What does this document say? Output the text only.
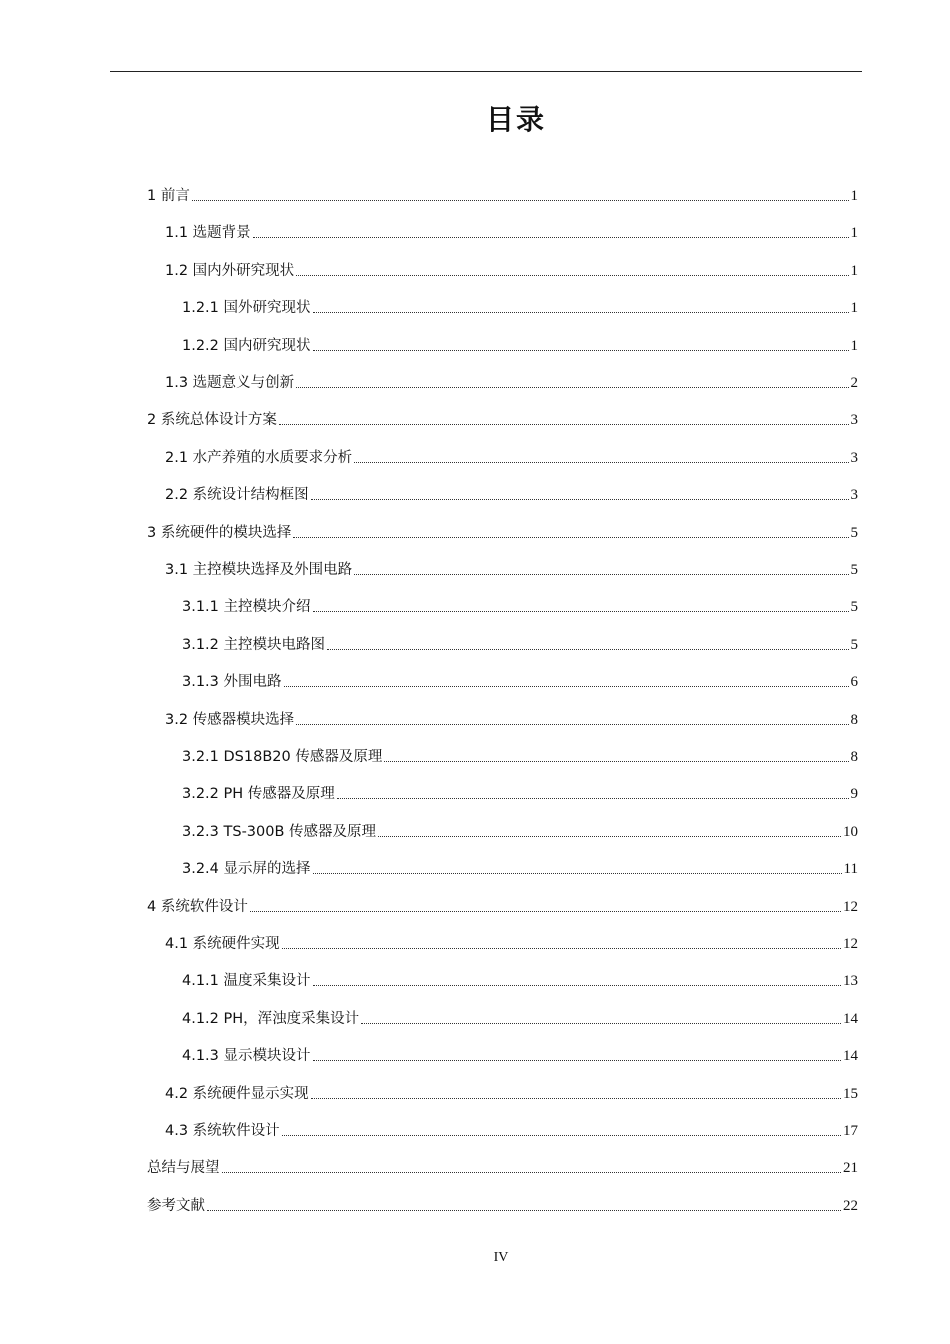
目录
1 前言	1
1.1 选题背景	1
1.2 国内外研究现状	1
1.2.1 国外研究现状	1
1.2.2 国内研究现状	1
1.3 选题意义与创新	2
2 系统总体设计方案	3
2.1 水产养殖的水质要求分析	3
2.2 系统设计结构框图	3
3 系统硬件的模块选择	5
3.1 主控模块选择及外围电路	5
3.1.1 主控模块介绍	5
3.1.2 主控模块电路图	5
3.1.3 外围电路	6
3.2 传感器模块选择	8
3.2.1 DS18B20 传感器及原理	8
3.2.2 PH 传感器及原理	9
3.2.3 TS-300B 传感器及原理	10
3.2.4 显示屏的选择	11
4 系统软件设计	12
4.1 系统硬件实现	12
4.1.1 温度采集设计	13
4.1.2 PH，浑浊度采集设计	14
4.1.3 显示模块设计	14
4.2 系统硬件显示实现	15
4.3 系统软件设计	17
总结与展望	21
参考文献	22
IV
